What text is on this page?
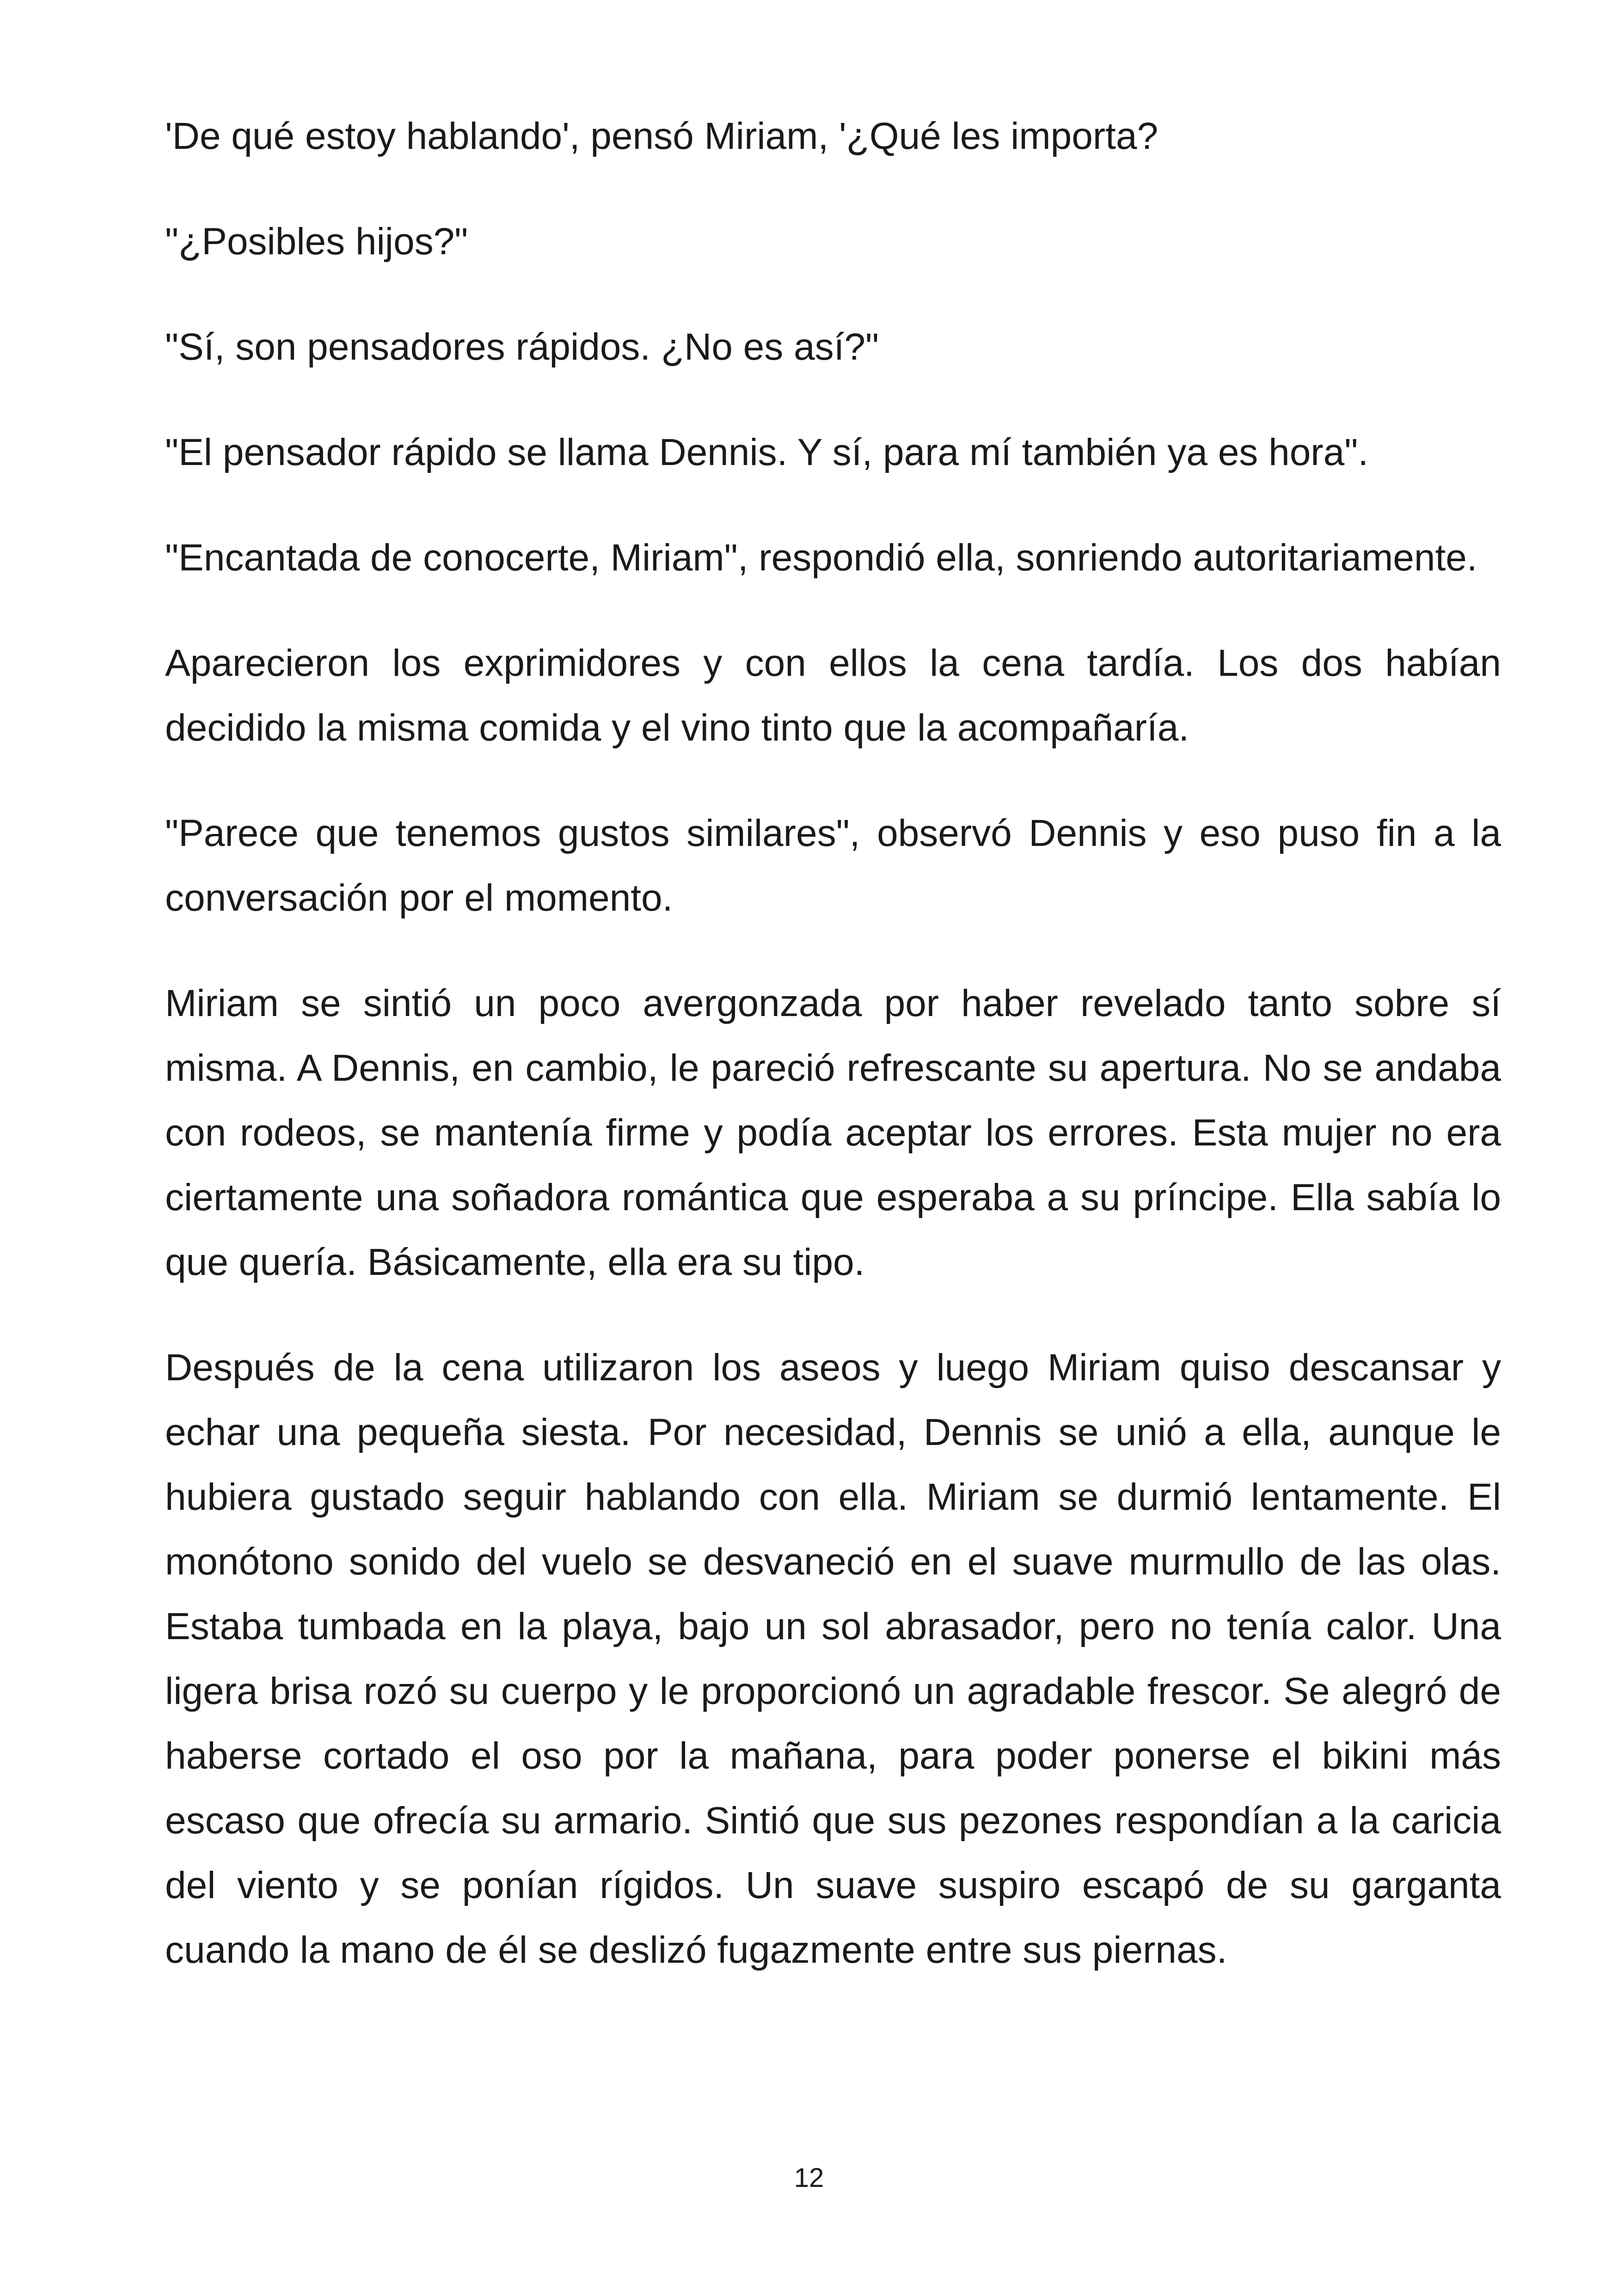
'De qué estoy hablando', pensó Miriam, '¿Qué les importa?

"¿Posibles hijos?"

"Sí, son pensadores rápidos. ¿No es así?"

"El pensador rápido se llama Dennis. Y sí, para mí también ya es hora".

"Encantada de conocerte, Miriam", respondió ella, sonriendo autoritariamente.

Aparecieron los exprimidores y con ellos la cena tardía. Los dos habían decidido la misma comida y el vino tinto que la acompañaría.

"Parece que tenemos gustos similares", observó Dennis y eso puso fin a la conversación por el momento.

Miriam se sintió un poco avergonzada por haber revelado tanto sobre sí misma. A Dennis, en cambio, le pareció refrescante su apertura. No se andaba con rodeos, se mantenía firme y podía aceptar los errores. Esta mujer no era ciertamente una soñadora romántica que esperaba a su príncipe. Ella sabía lo que quería. Básicamente, ella era su tipo.

Después de la cena utilizaron los aseos y luego Miriam quiso descansar y echar una pequeña siesta. Por necesidad, Dennis se unió a ella, aunque le hubiera gustado seguir hablando con ella. Miriam se durmió lentamente. El monótono sonido del vuelo se desvaneció en el suave murmullo de las olas. Estaba tumbada en la playa, bajo un sol abrasador, pero no tenía calor. Una ligera brisa rozó su cuerpo y le proporcionó un agradable frescor. Se alegró de haberse cortado el oso por la mañana, para poder ponerse el bikini más escaso que ofrecía su armario. Sintió que sus pezones respondían a la caricia del viento y se ponían rígidos. Un suave suspiro escapó de su garganta cuando la mano de él se deslizó fugazmente entre sus piernas.

12
